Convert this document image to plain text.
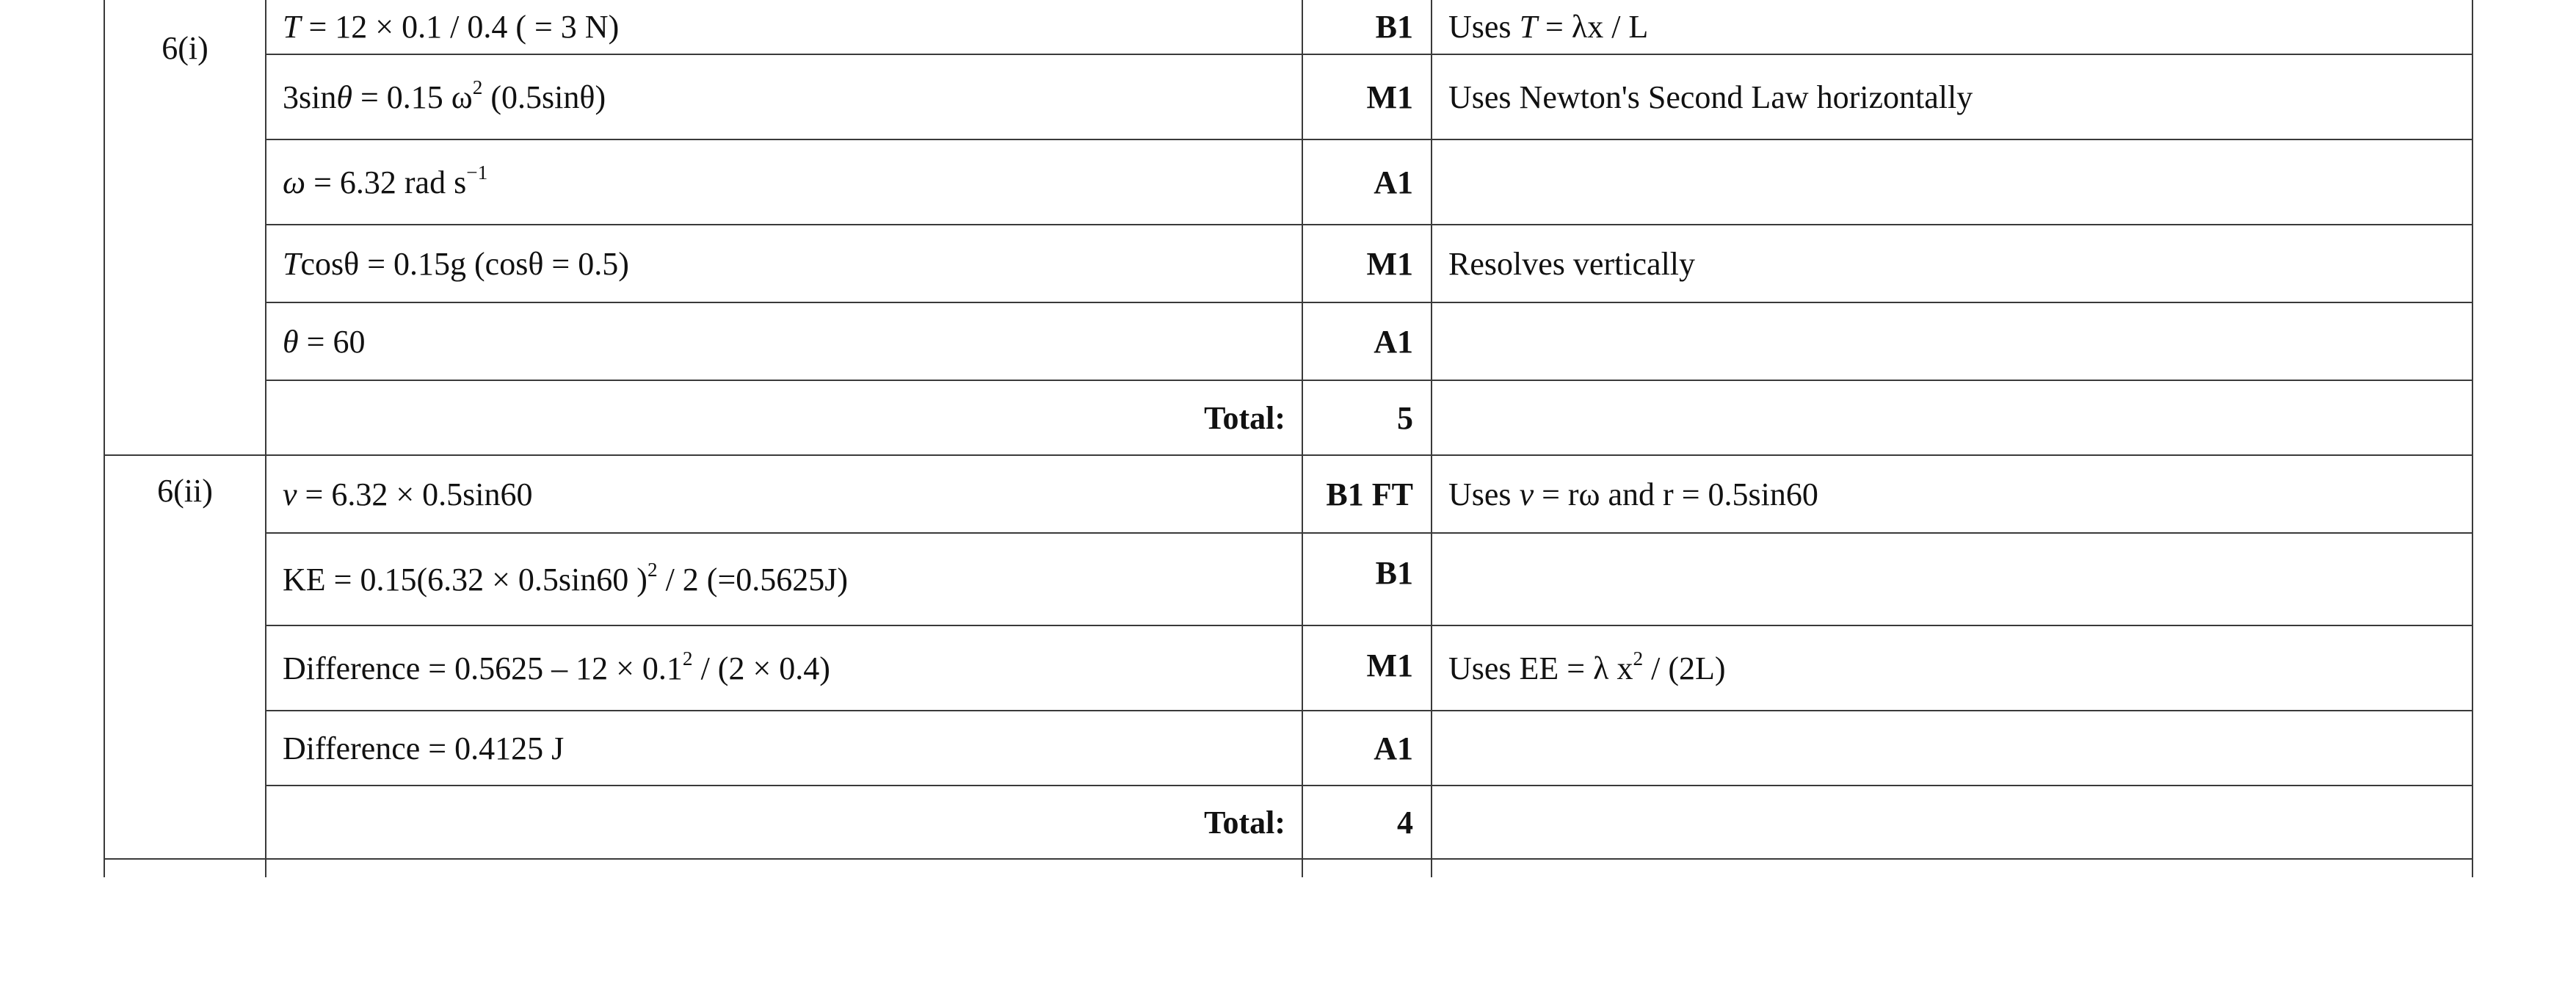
6(i)	T = 12 × 0.1 / 0.4 ( = 3 N)	B1	Uses T = λx / L
	3sinθ = 0.15 $\omega^2$ (0.5sinθ)	M1	Uses Newton's Second Law horizontally
	ω = 6.32 rad $s^{-1}$	A1	
	Tcosθ = 0.15g (cosθ = 0.5)	M1	Resolves vertically
	θ = 60	A1	
	Total:	5	
6(ii)	v = 6.32 × 0.5sin60	B1 FT	Uses v = rω and r = 0.5sin60
	KE = 0.15(6.32 × 0.5sin60 )$^2$ / 2 (=0.5625J)	B1	
	Difference = $0.5625 - 12 \times 0.1^2 / (2 \times 0.4)$	M1	Uses EE = λ $x^2 / (2L)$
	Difference = 0.4125 J	A1	
	Total:	4	
